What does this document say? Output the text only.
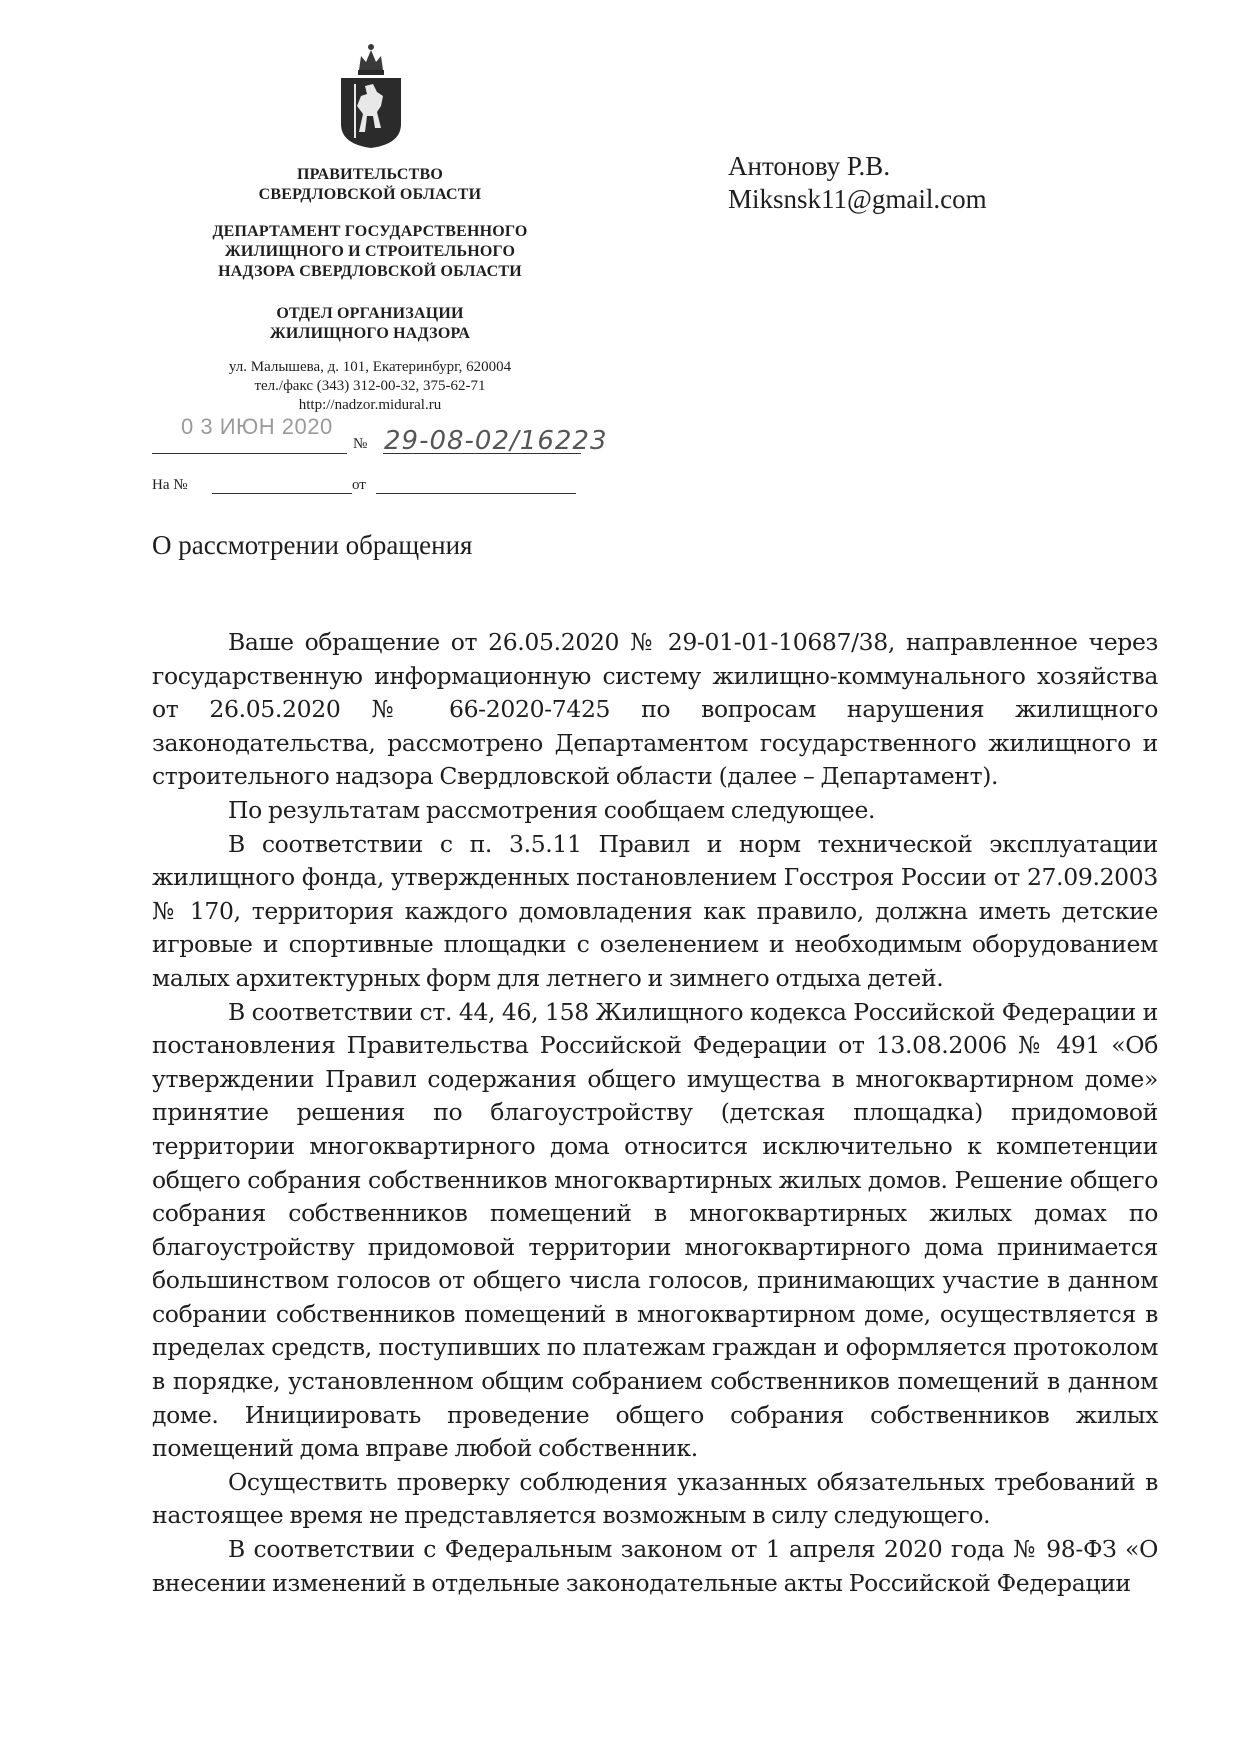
ПРАВИТЕЛЬСТВО
СВЕРДЛОВСКОЙ ОБЛАСТИ
ДЕПАРТАМЕНТ ГОСУДАРСТВЕННОГО
ЖИЛИЩНОГО И СТРОИТЕЛЬНОГО
НАДЗОРА СВЕРДЛОВСКОЙ ОБЛАСТИ
ОТДЕЛ ОРГАНИЗАЦИИ
ЖИЛИЩНОГО НАДЗОРА
ул. Малышева, д. 101, Екатеринбург, 620004
тел./факс (343) 312-00-32, 375-62-71
http://nadzor.midural.ru
0 3 ИЮН 2020
№ 29-08-02/16223
На №	от
Антонову Р.В.
Miksnsk11@gmail.com
О рассмотрении обращения

Ваше обращение от 26.05.2020 № 29-01-01-10687/38, направленное через государственную информационную систему жилищно-коммунального хозяйства от 26.05.2020 № 66-2020-7425 по вопросам нарушения жилищного законодательства, рассмотрено Департаментом государственного жилищного и строительного надзора Свердловской области (далее – Департамент).

По результатам рассмотрения сообщаем следующее.

В соответствии с п. 3.5.11 Правил и норм технической эксплуатации жилищного фонда, утвержденных постановлением Госстроя России от 27.09.2003 № 170, территория каждого домовладения как правило, должна иметь детские игровые и спортивные площадки с озеленением и необходимым оборудованием малых архитектурных форм для летнего и зимнего отдыха детей.

В соответствии ст. 44, 46, 158 Жилищного кодекса Российской Федерации и постановления Правительства Российской Федерации от 13.08.2006 № 491 «Об утверждении Правил содержания общего имущества в многоквартирном доме» принятие решения по благоустройству (детская площадка) придомовой территории многоквартирного дома относится исключительно к компетенции общего собрания собственников многоквартирных жилых домов. Решение общего собрания собственников помещений в многоквартирных жилых домах по благоустройству придомовой территории многоквартирного дома принимается большинством голосов от общего числа голосов, принимающих участие в данном собрании собственников помещений в многоквартирном доме, осуществляется в пределах средств, поступивших по платежам граждан и оформляется протоколом в порядке, установленном общим собранием собственников помещений в данном доме. Инициировать проведение общего собрания собственников жилых помещений дома вправе любой собственник.

Осуществить проверку соблюдения указанных обязательных требований в настоящее время не представляется возможным в силу следующего.

В соответствии с Федеральным законом от 1 апреля 2020 года № 98-ФЗ «О внесении изменений в отдельные законодательные акты Российской Федерации
